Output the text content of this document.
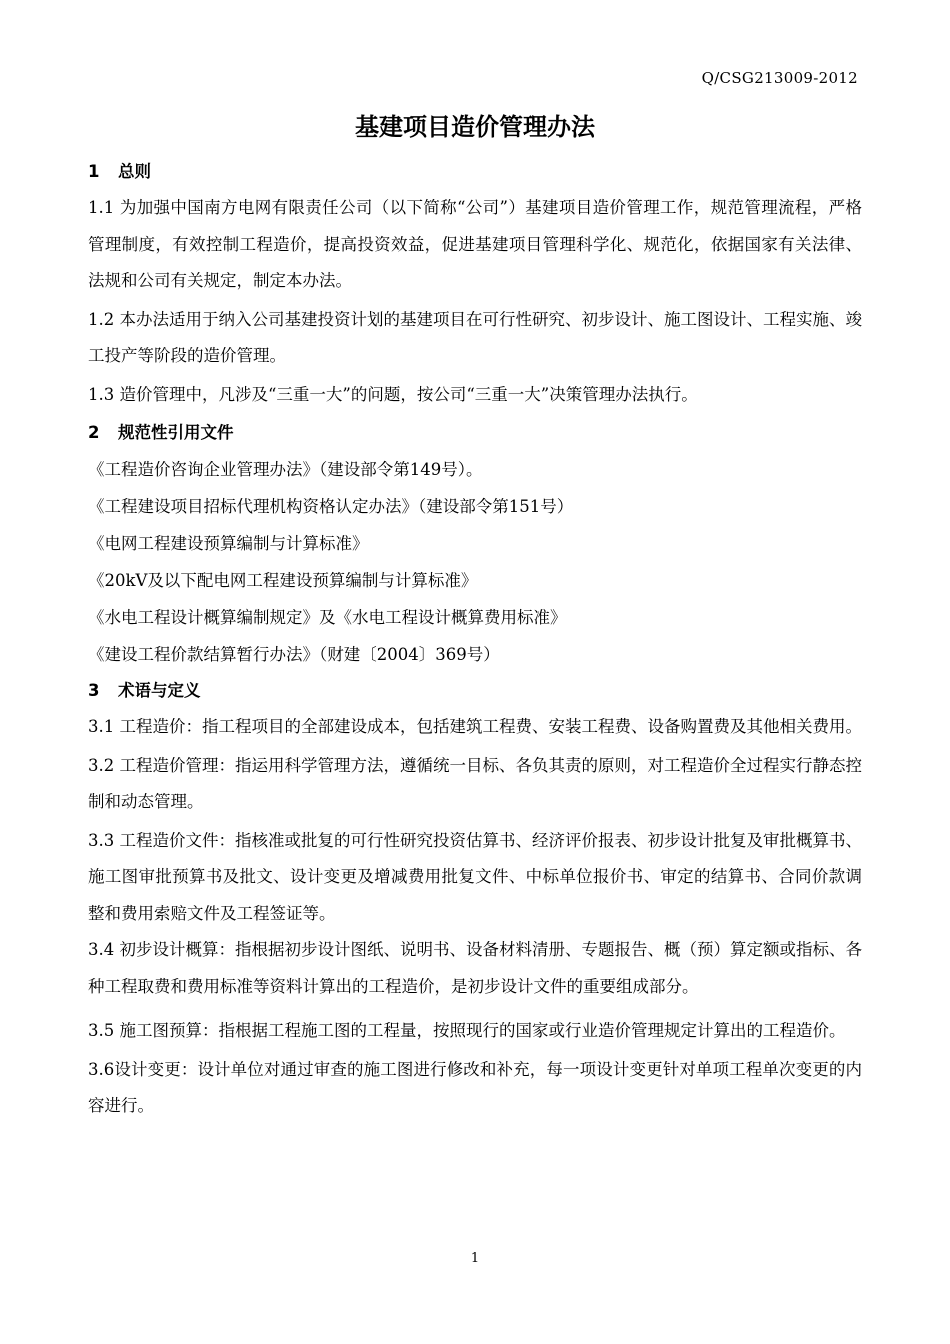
Q/CSG213009-2012
基建项目造价管理办法
1 总则
1.1 为加强中国南方电网有限责任公司（以下简称“公司”）基建项目造价管理工作，规范管理流程，严格管理制度，有效控制工程造价，提高投资效益，促进基建项目管理科学化、规范化，依据国家有关法律、法规和公司有关规定，制定本办法。
1.2 本办法适用于纳入公司基建投资计划的基建项目在可行性研究、初步设计、施工图设计、工程实施、竣工投产等阶段的造价管理。
1.3 造价管理中，凡涉及“三重一大”的问题，按公司“三重一大”决策管理办法执行。
2 规范性引用文件
《工程造价咨询企业管理办法》（建设部令第149号）。
《工程建设项目招标代理机构资格认定办法》（建设部令第151号）
《电网工程建设预算编制与计算标准》
《20kV及以下配电网工程建设预算编制与计算标准》
《水电工程设计概算编制规定》及《水电工程设计概算费用标准》
《建设工程价款结算暂行办法》（财建〔2004〕369号）
3 术语与定义
3.1 工程造价：指工程项目的全部建设成本，包括建筑工程费、安装工程费、设备购置费及其他相关费用。
3.2 工程造价管理：指运用科学管理方法，遵循统一目标、各负其责的原则，对工程造价全过程实行静态控制和动态管理。
3.3 工程造价文件：指核准或批复的可行性研究投资估算书、经济评价报表、初步设计批复及审批概算书、施工图审批预算书及批文、设计变更及增减费用批复文件、中标单位报价书、审定的结算书、合同价款调整和费用索赔文件及工程签证等。
3.4 初步设计概算：指根据初步设计图纸、说明书、设备材料清册、专题报告、概（预）算定额或指标、各种工程取费和费用标准等资料计算出的工程造价，是初步设计文件的重要组成部分。
3.5 施工图预算：指根据工程施工图的工程量，按照现行的国家或行业造价管理规定计算出的工程造价。
3.6设计变更：设计单位对通过审查的施工图进行修改和补充，每一项设计变更针对单项工程单次变更的内容进行。
1
